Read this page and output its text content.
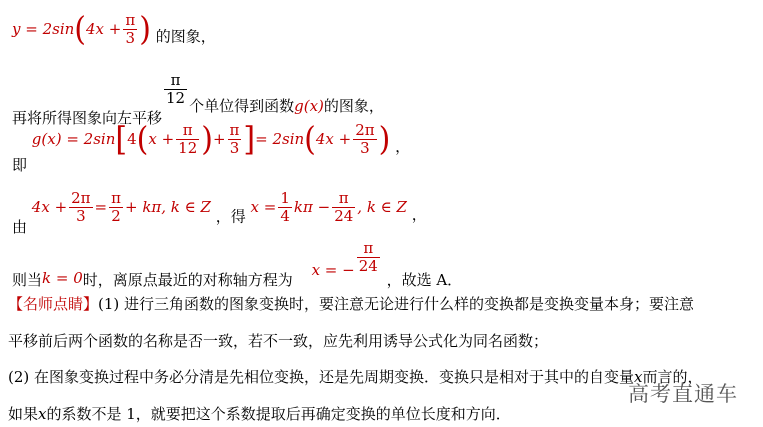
$y = 2\sin(4x + \frac{\pi}{3}$ ) 的图象，
再将所得图象向左平移
$\frac{\pi}{12}$ 个单位得到函数g(x)的图象，
即 $g(x) = 2\sin[4(x + \frac{\pi}{12}$ )+ $\frac{\pi}{3}$ ]= $2\sin(4x + \frac{2\pi}{3}$ ) ，
由 $4x + \frac{2\pi}{3} = \frac{\pi}{2} + k\pi$, k ∈ Z ，得 $x = \frac{1}{4}$ $k\pi - \frac{\pi}{24}$ , k ∈ Z ，
则当k = 0时，离原点最近的对称轴方程为 x = − $\frac{\pi}{24}$
，故选 A．
【名师点睛】(1) 进行三角函数的图象变换时，要注意无论进行什么样的变换都是变换变量本身；要注意
平移前后两个函数的名称是否一致，若不一致，应先利用诱导公式化为同名函数；
(2) 在图象变换过程中务必分清是先相位变换，还是先周期变换．变换只是相对于其中的自变量x而言的，
如果x的系数不是 1，就要把这个系数提取后再确定变换的单位长度和方向．
高考直通车
